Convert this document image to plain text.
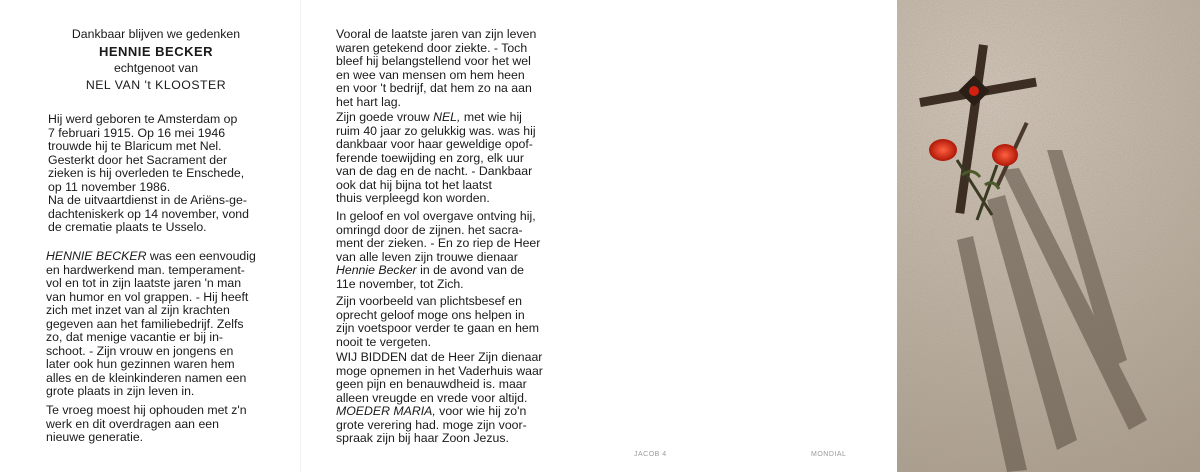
Dankbaar blijven we gedenken
HENNIE BECKER
echtgenoot van
NEL VAN 't KLOOSTER
Hij werd geboren te Amsterdam op
7 februari 1915. Op 16 mei 1946
trouwde hij te Blaricum met Nel.
Gesterkt door het Sacrament der
zieken is hij overleden te Enschede,
op 11 november 1986.
Na de uitvaartdienst in de Ariëns-ge-
dachteniskerk op 14 november, vond
de crematie plaats te Usselo.
HENNIE BECKER was een eenvoudig
en hardwerkend man. temperament-
vol en tot in zijn laatste jaren 'n man
van humor en vol grappen. - Hij heeft
zich met inzet van al zijn krachten
gegeven aan het familiebedrijf. Zelfs
zo, dat menige vacantie er bij in-
schoot. - Zijn vrouw en jongens en
later ook hun gezinnen waren hem
alles en de kleinkinderen namen een
grote plaats in zijn leven in.
Te vroeg moest hij ophouden met z'n
werk en dit overdragen aan een
nieuwe generatie.
Vooral de laatste jaren van zijn leven
waren getekend door ziekte. - Toch
bleef hij belangstellend voor het wel
en wee van mensen om hem heen
en voor 't bedrijf, dat hem zo na aan
het hart lag.
Zijn goede vrouw NEL, met wie hij
ruim 40 jaar zo gelukkig was. was hij
dankbaar voor haar geweldige opof-
ferende toewijding en zorg, elk uur
van de dag en de nacht. - Dankbaar
ook dat hij bijna tot het laatst
thuis verpleegd kon worden.
In geloof en vol overgave ontving hij,
omringd door de zijnen. het sacra-
ment der zieken. - En zo riep de Heer
van alle leven zijn trouwe dienaar
Hennie Becker in de avond van de
11e november, tot Zich.
Zijn voorbeeld van plichtsbesef en
oprecht geloof moge ons helpen in
zijn voetspoor verder te gaan en hem
nooit te vergeten.
WIJ BIDDEN dat de Heer Zijn dienaar
moge opnemen in het Vaderhuis waar
geen pijn en benauwdheid is. maar
alleen vreugde en vrede voor altijd.
MOEDER MARIA, voor wie hij zo'n
grote verering had. moge zijn voor-
spraak zijn bij haar Zoon Jezus.
JACOB 4	MONDIAL
